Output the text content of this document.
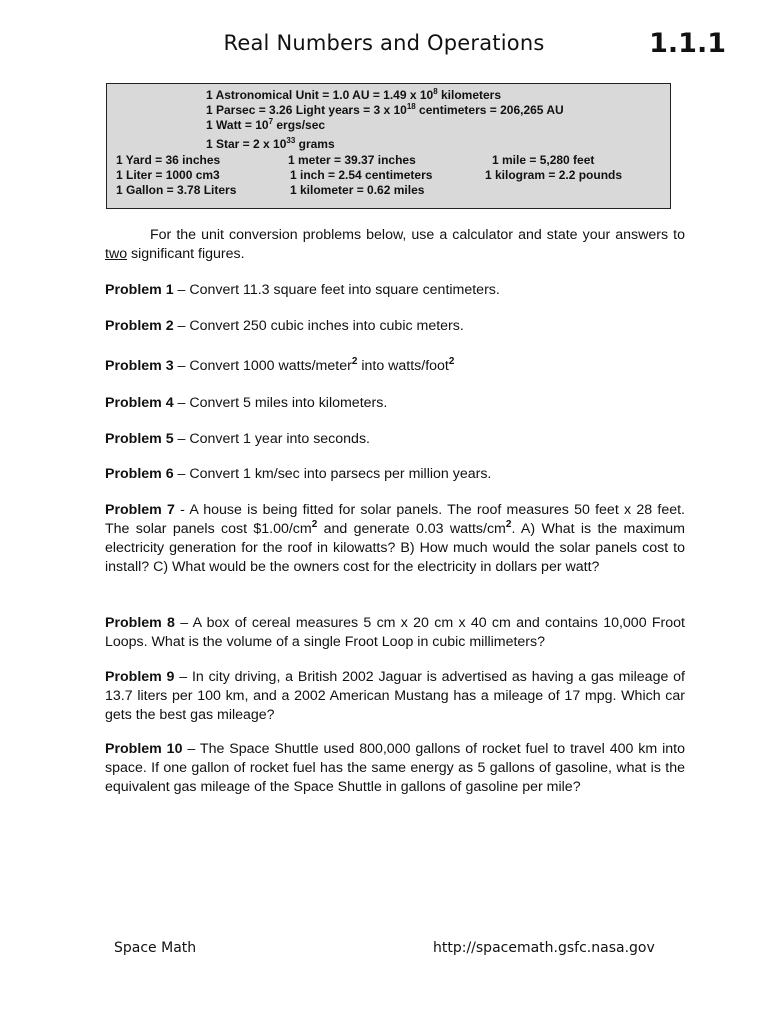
Real Numbers and Operations	1.1.1
1 Astronomical Unit = 1.0 AU = 1.49 x $10^8$ kilometers
1 Parsec = 3.26 Light years = 3 x $10^{18}$ centimeters = 206,265 AU
1 Watt = $10^7$ ergs/sec
1 Star = 2 x $10^{33}$ grams
1 Yard = 36 inches	1 meter = 39.37 inches	1 mile = 5,280 feet
1 Liter = 1000 cm3	1 inch = 2.54 centimeters	1 kilogram = 2.2 pounds
1 Gallon = 3.78 Liters	1 kilometer = 0.62 miles

For the unit conversion problems below, use a calculator and state your answers to two significant figures.

Problem 1 – Convert 11.3 square feet into square centimeters.

Problem 2 – Convert 250 cubic inches into cubic meters.

Problem 3 – Convert 1000 watts/meter$^2$ into watts/foot$^2$

Problem 4 – Convert 5 miles into kilometers.

Problem 5 – Convert 1 year into seconds.

Problem 6 – Convert 1 km/sec into parsecs per million years.

Problem 7 - A house is being fitted for solar panels. The roof measures 50 feet x 28 feet. The solar panels cost $\$1.00/cm^2$ and generate 0.03 watts/$cm^2$. A) What is the maximum electricity generation for the roof in kilowatts? B) How much would the solar panels cost to install? C) What would be the owners cost for the electricity in dollars per watt?

Problem 8 – A box of cereal measures 5 cm x 20 cm x 40 cm and contains 10,000 Froot Loops. What is the volume of a single Froot Loop in cubic millimeters?

Problem 9 – In city driving, a British 2002 Jaguar is advertised as having a gas mileage of 13.7 liters per 100 km, and a 2002 American Mustang has a mileage of 17 mpg. Which car gets the best gas mileage?

Problem 10 – The Space Shuttle used 800,000 gallons of rocket fuel to travel 400 km into space. If one gallon of rocket fuel has the same energy as 5 gallons of gasoline, what is the equivalent gas mileage of the Space Shuttle in gallons of gasoline per mile?

Space Math	http://spacemath.gsfc.nasa.gov
